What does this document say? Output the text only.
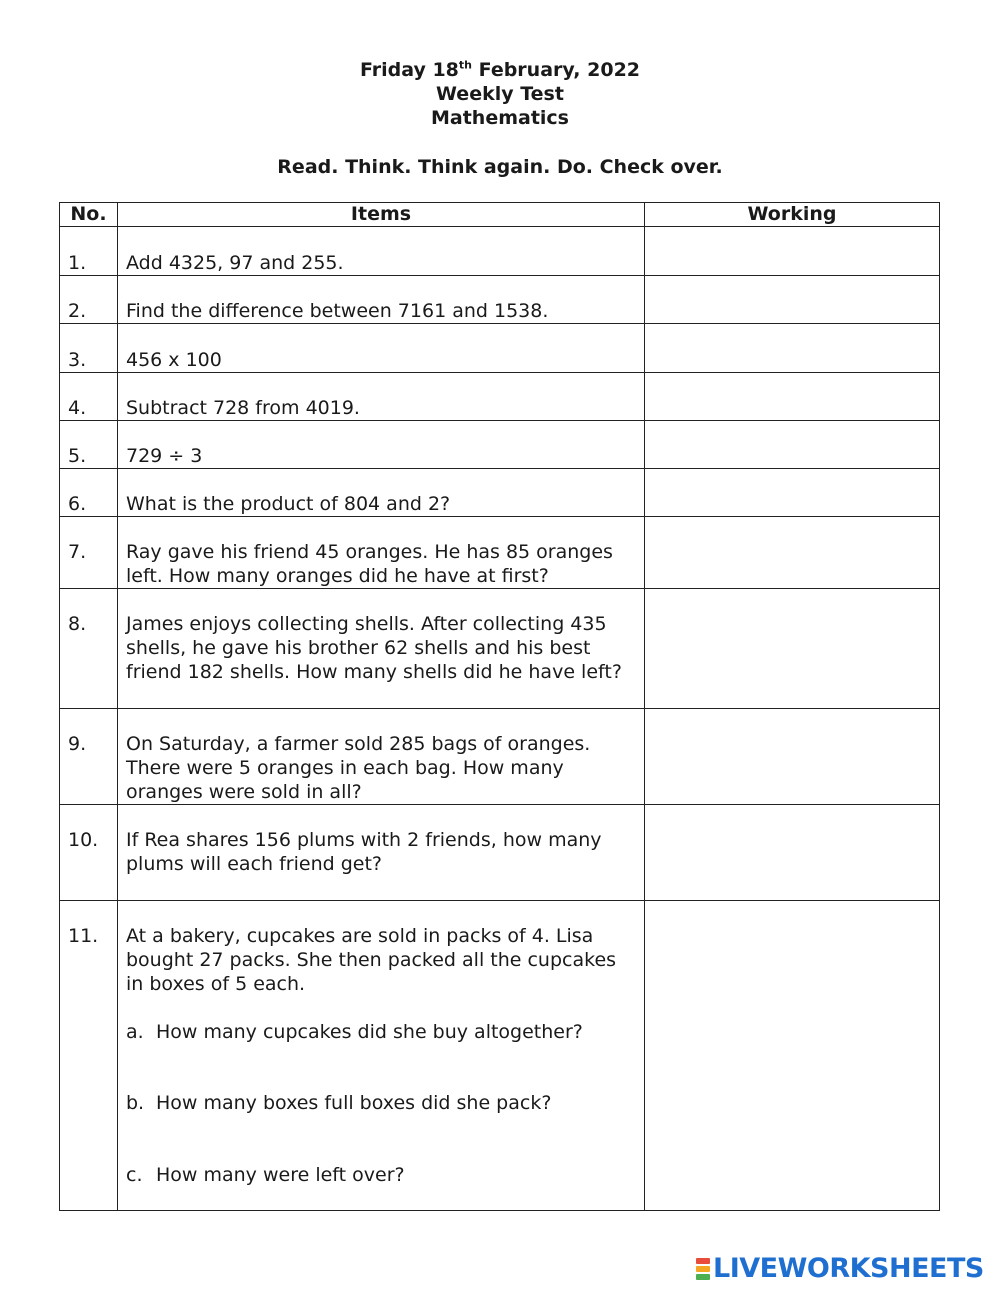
Friday 18th February, 2022
Weekly Test
Mathematics
Read. Think. Think again. Do. Check over.
No.	Items	Working
1.	Add 4325, 97 and 255.	
2.	Find the difference between 7161 and 1538.	
3.	456 x 100	
4.	Subtract 728 from 4019.	
5.	729 ÷ 3	
6.	What is the product of 804 and 2?	
7.	Ray gave his friend 45 oranges. He has 85 oranges left. How many oranges did he have at first?	
8.	James enjoys collecting shells. After collecting 435 shells, he gave his brother 62 shells and his best friend 182 shells. How many shells did he have left?	
9.	On Saturday, a farmer sold 285 bags of oranges. There were 5 oranges in each bag. How many oranges were sold in all?	
10.	If Rea shares 156 plums with 2 friends, how many plums will each friend get?	
11.	At a bakery, cupcakes are sold in packs of 4. Lisa bought 27 packs. She then packed all the cupcakes in boxes of 5 each.
a. How many cupcakes did she buy altogether?
b. How many boxes full boxes did she pack?
c. How many were left over?	

LIVEWORKSHEETS
